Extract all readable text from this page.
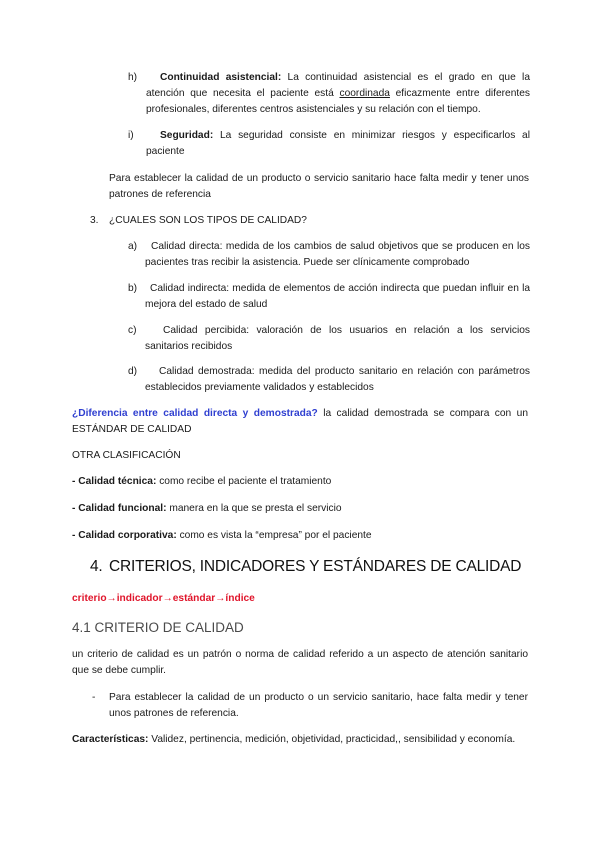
h)	Continuidad asistencial: La continuidad asistencial es el grado en que la atención que necesita el paciente está coordinada eficazmente entre diferentes profesionales, diferentes centros asistenciales y su relación con el tiempo.
i)	Seguridad: La seguridad consiste en minimizar riesgos y especificarlos al paciente
Para establecer la calidad de un producto o servicio sanitario hace falta medir y tener unos patrones de referencia
3. ¿CUALES SON LOS TIPOS DE CALIDAD?
a)	Calidad directa: medida de los cambios de salud objetivos que se producen en los pacientes tras recibir la asistencia. Puede ser clínicamente comprobado
b)	Calidad indirecta: medida de elementos de acción indirecta que puedan influir en la mejora del estado de salud
c)	Calidad percibida: valoración de los usuarios en relación a los servicios sanitarios recibidos
d)	Calidad demostrada: medida del producto sanitario en relación con parámetros establecidos previamente validados y establecidos
¿Diferencia entre calidad directa y demostrada? la calidad demostrada se compara con un ESTÁNDAR DE CALIDAD
OTRA CLASIFICACIÓN
- Calidad técnica: como recibe el paciente el tratamiento
- Calidad funcional: manera en la que se presta el servicio
- Calidad corporativa: como es vista la “empresa” por el paciente
4. CRITERIOS, INDICADORES Y ESTÁNDARES DE CALIDAD
criterio→indicador→estándar→índice
4.1 CRITERIO DE CALIDAD
un criterio de calidad es un patrón o norma de calidad referido a un aspecto de atención sanitario que se debe cumplir.
-	Para establecer la calidad de un producto o un servicio sanitario, hace falta medir y tener unos patrones de referencia.
Características: Validez, pertinencia, medición, objetividad, practicidad,, sensibilidad y economía.
